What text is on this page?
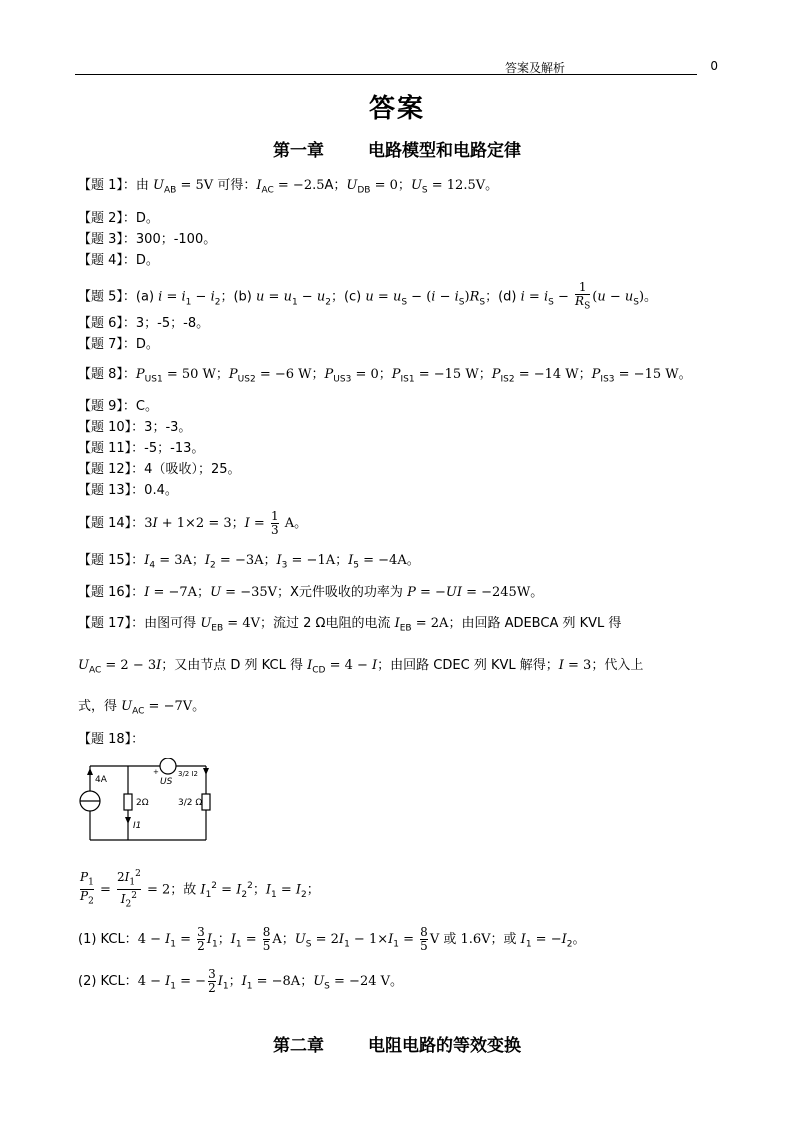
答案及解析	0
答案
第一章	电路模型和电路定律
【题 1】：由 $U_{AB} = 5V$ 可得：$I_{AC} = -2.5A$；$U_{DB} = 0$；$U_S = 12.5V$。
【题 2】：D。
【题 3】：300；-100。
【题 4】：D。
【题 5】：(a) $i = i_1 - i_2$；(b) $u = u_1 - u_2$；(c) $u = u_S - (i - i_S)R_S$；(d) $i = i_S - \frac{1}{R_S} (u - u_S)$。
【题 6】：3；-5；-8。
【题 7】：D。
【题 8】：$P_{US1} = 50$ W；$P_{US2} = -6$ W；$P_{US3} = 0$；$P_{IS1} = -15$ W；$P_{IS2} = -14$ W；$P_{IS3} = -15$ W。
【题 9】：C。
【题 10】：3；-3。
【题 11】：-5；-13。
【题 12】：4（吸收）；25。
【题 13】：0.4。
【题 14】：3I + 1×2 = 3；$I = \frac{1}{3}$ A。
【题 15】：$I_4 = 3A$；$I_2 = -3A$；$I_3 = -1A$；$I_5 = -4A$。
【题 16】：I = −7A；U = −35V；X元件吸收的功率为 P = −UI = −245W。
【题 17】：由图可得 $U_{EB} = 4V$；流过 2 Ω电阻的电流 $I_{EB} = 2A$；由回路 ADEBCA 列 KVL 得
$U_{AC} = 2 - 3I$；又由节点 D 列 KCL 得 $I_{CD} = 4 - I$；由回路 CDEC 列 KVL 解得；I = 3；代入上
式，得 $U_{AC} = -7V$。
【题 18】：
4A
2Ω	3/2 Ω
I1
US
3/2 I2
+
$\frac{P_1}{P_2} = \frac{2I_1^2}{I_2^2} = 2$；故 $I_1^2 = I_2^2$；$I_1 = I_2$；
(1) KCL：$4 - I_1 = \frac{3}{2} I_1$；$I_1 = \frac{8}{5}$ A；$U_S = 2I_1 - 1\times I_1 = \frac{8}{5}$ V 或 1.6V；或 $I_1 = -I_2$。
(2) KCL：$4 - I_1$ = − $\frac{3}{2} I_1$；$I_1 = -8A$；$U_S = -24$ V。
第二章	电阻电路的等效变换
